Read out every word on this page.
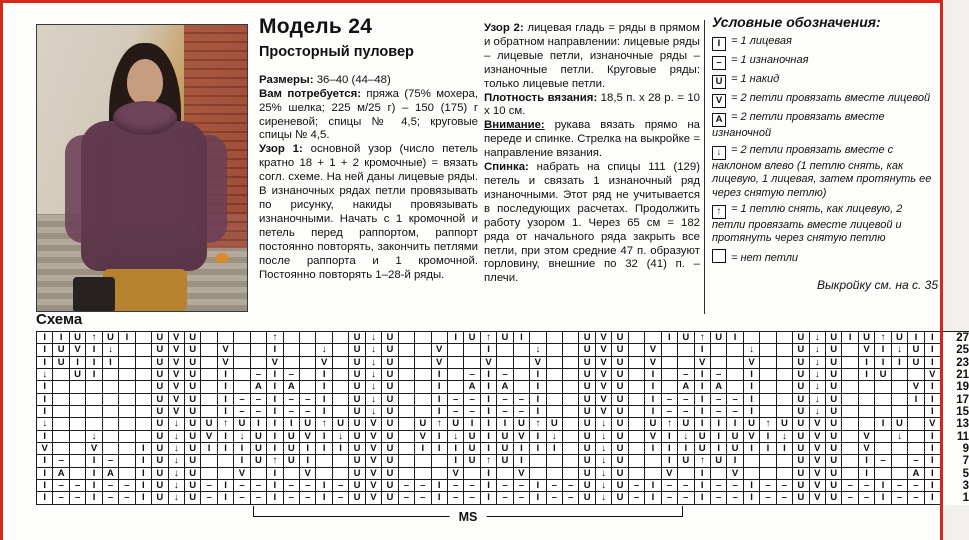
Модель 24

Просторный пуловер

Размеры: 36–40 (44–48)

Вам потребуется: пряжа (75% мохера, 25% шелка; 225 м/25 г) – 150 (175) г сиреневой; спицы № 4,5; круговые спицы № 4,5.

Узор 1: основной узор (число петель кратно 18 + 1 + 2 кромочные) = вязать согл. схеме. На ней даны лицевые ряды. В изнаночных рядах петли провязывать по рисунку, накиды провязывать изнаночными. Начать с 1 кромочной и петель перед раппортом, раппорт постоянно повторять, закончить петлями после раппорта и 1 кромочной. Постоянно повторять 1–28-й ряды.

Узор 2: лицевая гладь = ряды в прямом и обратном направлении: лицевые ряды – лицевые петли, изнаночные ряды – изнаночные петли. Круговые ряды: только лицевые петли.

Плотность вязания: 18,5 п. x 28 р. = 10 x 10 см.

Внимание: рукава вязать прямо на переде и спинке. Стрелка на выкройке = направление вязания.

Спинка: набрать на спицы 111 (129) петель и связать 1 изнаночный ряд изнаночными. Этот ряд не учитывается в последующих расчетах. Продолжить работу узором 1. Через 65 см = 182 ряда от начального ряда закрыть все петли, при этом средние 47 п. образуют горловину, внешние по 32 (41) п. – плечи.

Условные обозначения:

I = 1 лицевая
– = 1 изнаночная
U = 1 накид
V = 2 петли провязать вместе лицевой
A = 2 петли провязать вместе изнаночной
↓ = 2 петли провязать вместе с наклоном влево (1 петлю снять, как лицевую, 1 лицевая, затем протянуть ее через снятую петлю)
↑ = 1 петлю снять, как лицевую, 2 петли провязать вместе лицевой и протянуть через снятую петлю
= нет петли
Выкройку см. на с. 35
Схема
I	I	U	↑	U	I	U	V	U	↑	U	↓	U	I	U	↑	U	I	U	V	U	I	U	↑	U	I	U	↓	U	I	U	↑	U	I	I	27
I	U	V	I	↓	U	V	U	V	I	↓	U	↓	U	V	I	↓	U	V	U	V	I	↓	U	↓	U	V	I	↓	U	I	25
I	U	I	I	I	U	V	U	V	V	V	U	↓	U	V	V	V	U	V	U	V	V	V	U	↓	U	I	I	I	U	I	23
↓	U	I	U	V	U	I	–	I	–	I	U	↓	U	I	–	I	–	I	U	V	U	I	–	I	–	I	U	↓	U	I	U	V	21
I	U	V	U	I	A	I	A	I	U	↓	U	I	A	I	A	I	U	V	U	I	A	I	A	I	U	↓	U	V	I	19
I	U	V	U	I	–	–	I	–	–	I	U	↓	U	I	–	–	I	–	–	I	U	V	U	I	–	–	I	–	–	I	U	↓	U	I	I	17
I	U	V	U	I	–	–	I	–	–	I	U	↓	U	I	–	–	I	–	–	I	U	V	U	I	–	–	I	–	–	I	U	↓	U	I	15
↓	U	↓	U	U	↑	U	I	I	I	U	↑	U	U	V	U	U	↑	U	I	I	I	U	↑	U	U	↓	U	U	↑	U	I	I	I	U	↑	U	U	V	U	I	U	V	13
I	↓	U	↓	U	V	I	↓	U	I	U	V	I	↓	U	V	U	V	I	↓	U	I	U	V	I	↓	U	↓	U	V	I	↓	U	I	U	V	I	↓	U	V	U	V	↓	I	11
V	V	I	U	↓	U	I	I	I	U	I	U	I	I	I	U	V	U	I	I	I	U	I	U	I	I	I	U	↓	U	I	I	I	U	I	U	I	I	I	U	V	U	V	I	9
I	–	I	–	I	U	↓	U	I	U	↑	U	I	U	V	U	I	U	↑	U	I	U	↓	U	I	U	↑	U	I	U	V	U	I	–	–	I	7
I	A	I	A	I	U	↓	U	V	I	V	U	V	U	V	I	V	U	↓	U	V	I	V	U	V	U	I	A	I	5
I	–	–	I	–	–	I	U	↓	U	–	I	–	–	I	–	–	I	–	U	V	U	–	–	I	–	–	I	–	–	I	–	–	U	↓	U	–	I	–	–	I	–	–	I	–	–	U	V	U	–	–	I	–	–	I	3
I	–	–	I	–	–	I	U	↓	U	–	I	–	–	I	–	–	I	–	U	V	U	–	–	I	–	–	I	–	–	I	–	–	U	↓	U	–	I	–	–	I	–	–	I	–	–	U	V	U	–	–	I	–	–	I	1
MS
